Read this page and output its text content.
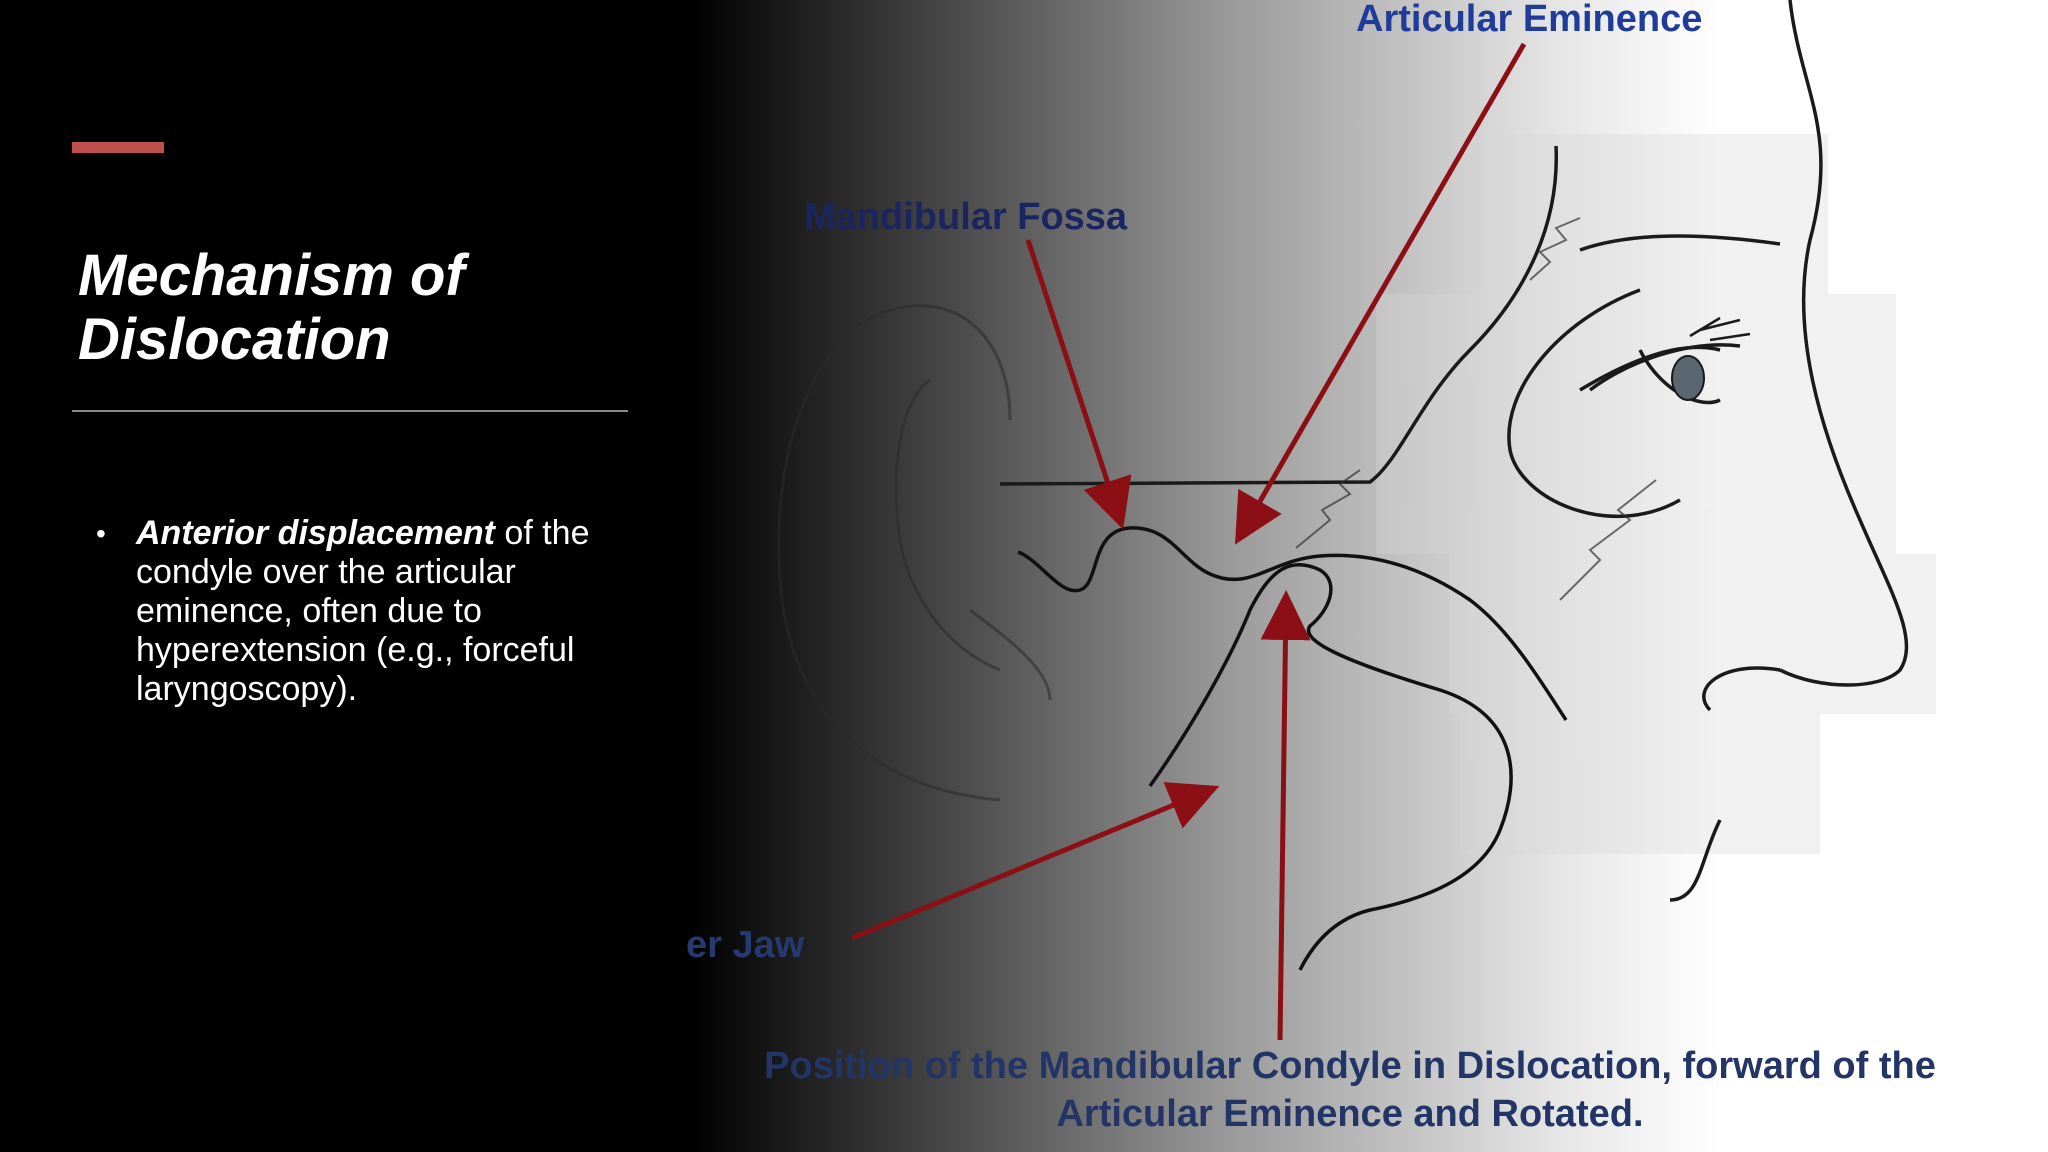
Articular Eminence
Mandibular Fossa
er Jaw
Position of the Mandibular Condyle in Dislocation, forward of the
Articular Eminence and Rotated.
Mechanism of
Dislocation
• Anterior displacement of the
condyle over the articular
eminence, often due to
hyperextension (e.g., forceful
laryngoscopy).
